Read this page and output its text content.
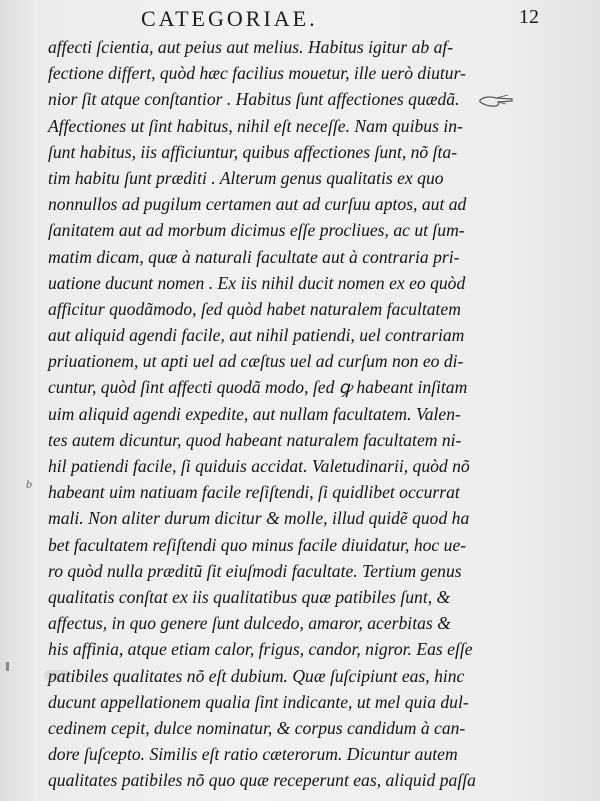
CATEGORIAE.	12
b
affecti ſcientia, aut peius aut melius. Habitus igitur ab af-
fectione differt, quòd hæc facilius mouetur, ille uerò diutur-
nior ſit atque conſtantior . Habitus ſunt affectiones quædã.
Affectiones ut ſint habitus, nihil eſt neceſſe. Nam quibus in-
ſunt habitus, iis afficiuntur, quibus affectiones ſunt, nõ ſta-
tim habitu ſunt præditi . Alterum genus qualitatis ex quo
nonnullos ad pugilum certamen aut ad curſuu aptos, aut ad
ſanitatem aut ad morbum dicimus eſſe procliues, ac ut ſum-
matim dicam, quæ à naturali facultate aut à contraria pri-
uatione ducunt nomen . Ex iis nihil ducit nomen ex eo quòd
afficitur quodãmodo, ſed quòd habet naturalem facultatem
aut aliquid agendi facile, aut nihil patiendi, uel contrariam
priuationem, ut apti uel ad cæſtus uel ad curſum non eo di-
cuntur, quòd ſint affecti quodã modo, ſed ꝙ habeant inſitam
uim aliquid agendi expedite, aut nullam facultatem. Valen-
tes autem dicuntur, quod habeant naturalem facultatem ni-
hil patiendi facile, ſi quiduis accidat. Valetudinarii, quòd nõ
habeant uim natiuam facile reſiſtendi, ſi quidlibet occurrat
mali. Non aliter durum dicitur & molle, illud quidẽ quod ha
bet facultatem reſiſtendi quo minus facile diuidatur, hoc ue-
ro quòd nulla præditũ ſit eiuſmodi facultate. Tertium genus
qualitatis conſtat ex iis qualitatibus quæ patibiles ſunt, &
affectus, in quo genere ſunt dulcedo, amaror, acerbitas &
his affinia, atque etiam calor, frigus, candor, nigror. Eas eſſe
patibiles qualitates nõ eſt dubium. Quæ ſuſcipiunt eas, hinc
ducunt appellationem qualia ſint indicante, ut mel quia dul-
cedinem cepit, dulce nominatur, & corpus candidum à can-
dore ſuſcepto. Similis eſt ratio cæterorum. Dicuntur autem
qualitates patibiles nõ quo quæ receperunt eas, aliquid paſſa
